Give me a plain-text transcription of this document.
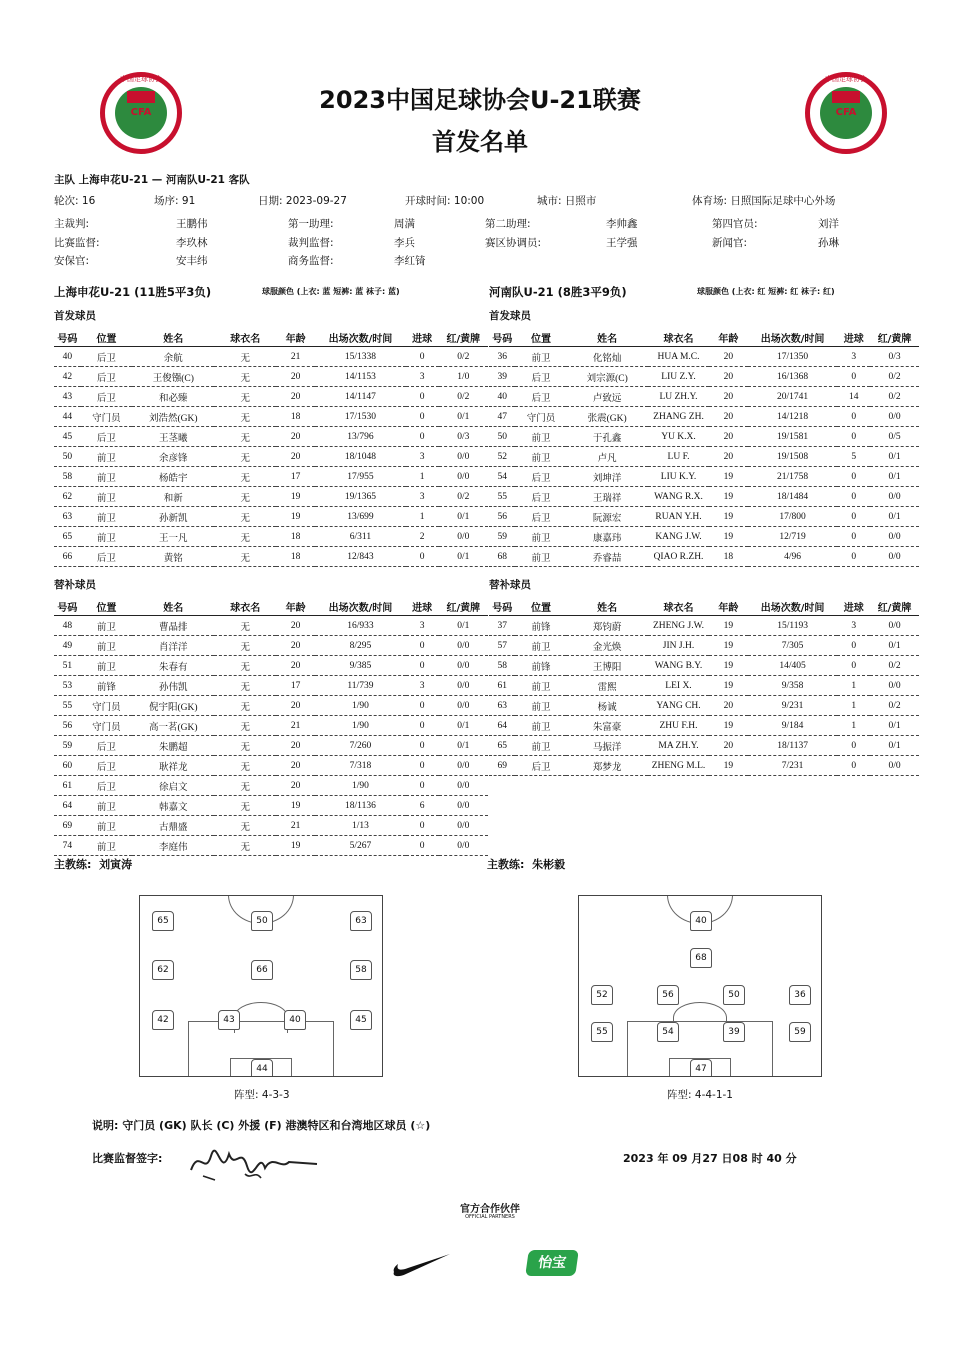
中国足球协会
CFA
中国足球协会
CFA
2023中国足球协会U-21联赛
首发名单
主队 上海申花U-21 — 河南队U-21 客队
轮次: 16	场序: 91	日期: 2023-09-27	开球时间: 10:00	城市: 日照市	体育场: 日照国际足球中心外场
主裁判:	王鹏伟	第一助理:	周满	第二助理:	李帅鑫	第四官员:	刘洋
比赛监督:	李玖林	裁判监督:	李兵	赛区协调员:	王学强	新闻官:	孙琳
安保官:	安丰纬	商务监督:	李红锜
上海申花U-21 (11胜5平3负)	球服颜色 (上衣: 蓝 短裤: 蓝 袜子: 蓝)	河南队U-21 (8胜3平9负)	球服颜色 (上衣: 红 短裤: 红 袜子: 红)
首发球员	首发球员
替补球员	替补球员
号码	位置	姓名	球衣名	年龄	出场次数/时间	进球	红/黄牌
40	后卫	余航	无	21	15/1338	0	0/2
42	后卫	王俊镪(C)	无	20	14/1153	3	1/0
43	后卫	和必臻	无	20	14/1147	0	0/2
44	守门员	刘浩然(GK)	无	18	17/1530	0	0/1
45	后卫	王茎曦	无	20	13/796	0	0/3
50	前卫	余彦锋	无	20	18/1048	3	0/0
58	前卫	杨皓宇	无	17	17/955	1	0/0
62	前卫	和新	无	19	19/1365	3	0/2
63	前卫	孙新凯	无	19	13/699	1	0/1
65	前卫	王一凡	无	18	6/311	2	0/0
66	后卫	黄铭	无	18	12/843	0	0/1
号码	位置	姓名	球衣名	年龄	出场次数/时间	进球	红/黄牌
36	前卫	化铭灿	HUA M.C.	20	17/1350	3	0/3
39	后卫	刘宗源(C)	LIU Z.Y.	20	16/1368	0	0/2
40	后卫	卢致远	LU ZH.Y.	20	20/1741	14	0/2
47	守门员	张震(GK)	ZHANG ZH.	20	14/1218	0	0/0
50	前卫	于孔鑫	YU K.X.	20	19/1581	0	0/5
52	前卫	卢凡	LU F.	20	19/1508	5	0/1
54	后卫	刘坤洋	LIU K.Y.	19	21/1758	0	0/1
55	后卫	王瑞祥	WANG R.X.	19	18/1484	0	0/0
56	后卫	阮源宏	RUAN Y.H.	19	17/800	0	0/1
59	前卫	康嘉玮	KANG J.W.	19	12/719	0	0/0
68	前卫	乔睿喆	QIAO R.ZH.	18	4/96	0	0/0
号码	位置	姓名	球衣名	年龄	出场次数/时间	进球	红/黄牌
48	前卫	曹晶排	无	20	16/933	3	0/1
49	前卫	肖洋洋	无	20	8/295	0	0/0
51	前卫	朱春有	无	20	9/385	0	0/0
53	前锋	孙伟凯	无	17	11/739	3	0/0
55	守门员	倪宇阳(GK)	无	20	1/90	0	0/0
56	守门员	高一茗(GK)	无	21	1/90	0	0/1
59	后卫	朱鹏超	无	20	7/260	0	0/1
60	后卫	耿祥龙	无	20	7/318	0	0/0
61	后卫	徐启文	无	20	1/90	0	0/0
64	前卫	韩嘉文	无	19	18/1136	6	0/0
69	前卫	古鼎盛	无	21	1/13	0	0/0
74	前卫	李庭伟	无	19	5/267	0	0/0
号码	位置	姓名	球衣名	年龄	出场次数/时间	进球	红/黄牌
37	前锋	郑钧蔚	ZHENG J.W.	19	15/1193	3	0/0
57	前卫	金光焕	JIN J.H.	19	7/305	0	0/1
58	前锋	王博阳	WANG B.Y.	19	14/405	0	0/2
61	前卫	雷熙	LEI X.	19	9/358	1	0/0
63	前卫	杨诚	YANG CH.	20	9/231	1	0/2
64	前卫	朱富豪	ZHU F.H.	19	9/184	1	0/1
65	前卫	马振洋	MA ZH.Y.	20	18/1137	0	0/1
69	后卫	郑梦龙	ZHENG M.L.	19	7/231	0	0/0
主教练: 刘寅涛	主教练: 朱彬毅
65	50	63
62	66	58
42	43	40	45
44
40
68
52	56	50	36
55	54	39	59
47
阵型: 4-3-3	阵型: 4-4-1-1
说明: 守门员 (GK) 队长 (C) 外援 (F) 港澳特区和台湾地区球员 (☆)
比赛监督签字:	2023 年 09 月27 日08 时 40 分
官方合作伙伴
OFFICIAL PARTNERS
怡宝
